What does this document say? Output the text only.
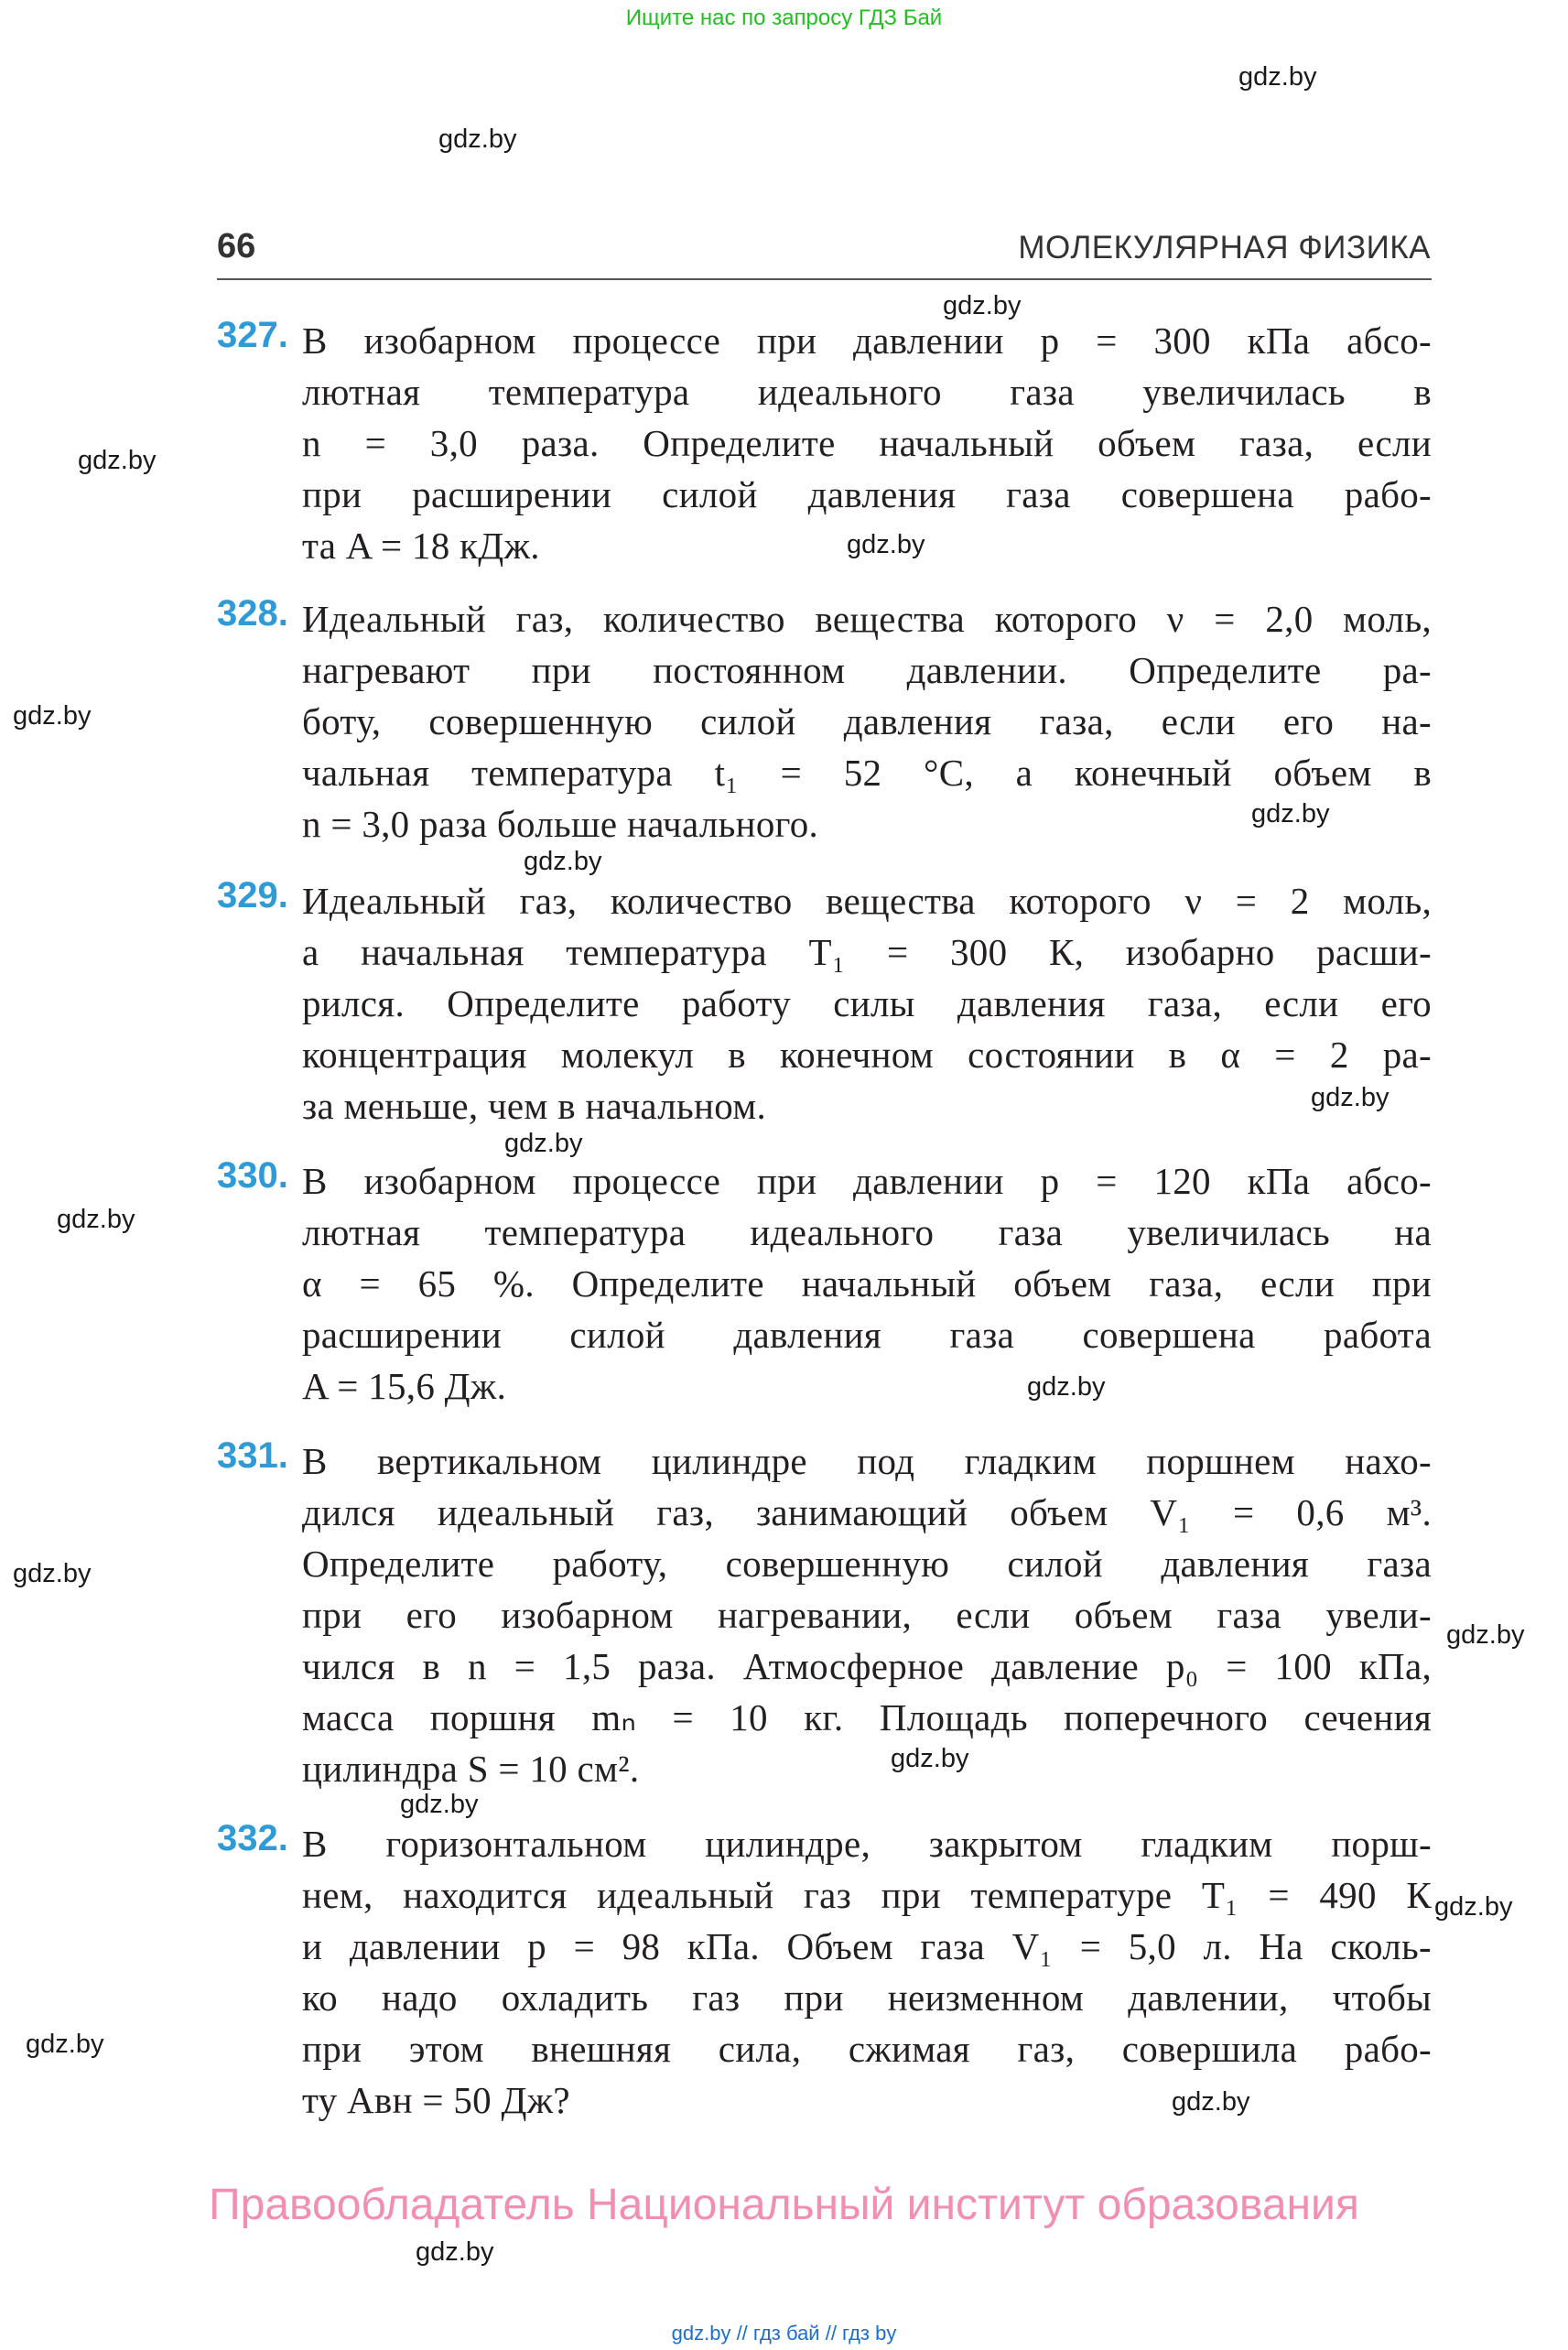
Ищите нас по запросу ГДЗ Бай
gdz.by
gdz.by
gdz.by
gdz.by
gdz.by
gdz.by
gdz.by
gdz.by
gdz.by
gdz.by
gdz.by
gdz.by
gdz.by
gdz.by
gdz.by
gdz.by
gdz.by
gdz.by
gdz.by
gdz.by
66	МОЛЕКУЛЯРНАЯ ФИЗИКА
327. В изобарном процессе при давлении p = 300 кПа абсо-
лютная температура идеального газа увеличилась в
n = 3,0 раза. Определите начальный объем газа, если
при расширении силой давления газа совершена рабо-
та A = 18 кДж.
328. Идеальный газ, количество вещества которого ν = 2,0 моль,
нагревают при постоянном давлении. Определите ра-
боту, совершенную силой давления газа, если его на-
чальная температура t₁ = 52 °C, а конечный объем в
n = 3,0 раза больше начального.
329. Идеальный газ, количество вещества которого ν = 2 моль,
а начальная температура T₁ = 300 К, изобарно расши-
рился. Определите работу силы давления газа, если его
концентрация молекул в конечном состоянии в α = 2 ра-
за меньше, чем в начальном.
330. В изобарном процессе при давлении p = 120 кПа абсо-
лютная температура идеального газа увеличилась на
α = 65 %. Определите начальный объем газа, если при
расширении силой давления газа совершена работа
A = 15,6 Дж.
331. В вертикальном цилиндре под гладким поршнем нахо-
дился идеальный газ, занимающий объем V₁ = 0,6 м³.
Определите работу, совершенную силой давления газа
при его изобарном нагревании, если объем газа увели-
чился в n = 1,5 раза. Атмосферное давление p₀ = 100 кПа,
масса поршня mₙ = 10 кг. Площадь поперечного сечения
цилиндра S = 10 см².
332. В горизонтальном цилиндре, закрытом гладким порш-
нем, находится идеальный газ при температуре T₁ = 490 К
и давлении p = 98 кПа. Объем газа V₁ = 5,0 л. На сколь-
ко надо охладить газ при неизменном давлении, чтобы
при этом внешняя сила, сжимая газ, совершила рабо-
ту Aвн = 50 Дж?
Правообладатель Национальный институт образования
gdz.by // гдз бай // гдз by
